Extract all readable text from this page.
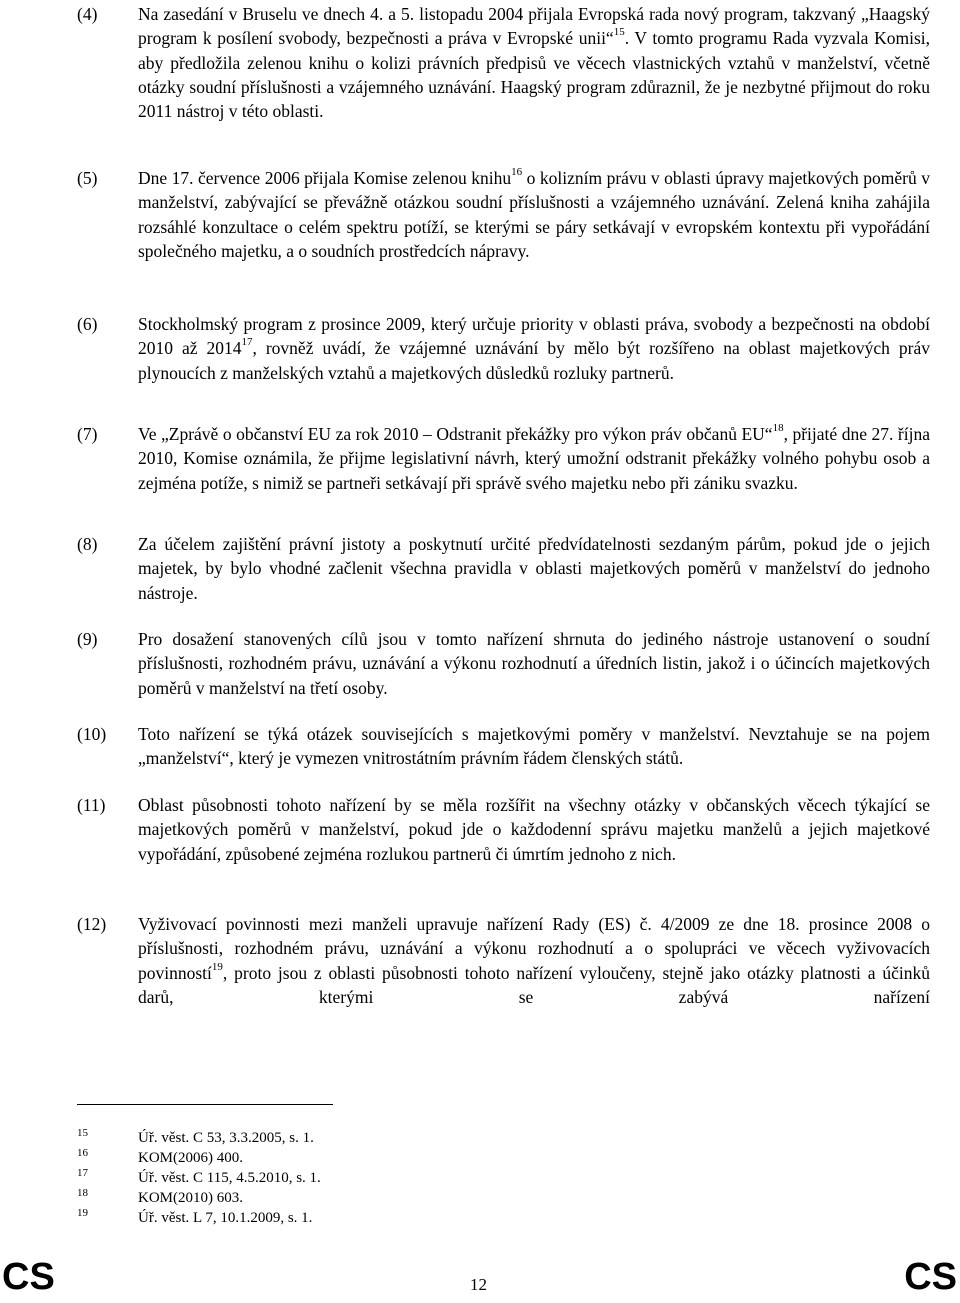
(4) Na zasedání v Bruselu ve dnech 4. a 5. listopadu 2004 přijala Evropská rada nový program, takzvaný „Haagský program k posílení svobody, bezpečnosti a práva v Evropské unii“$^{15}$. V tomto programu Rada vyzvala Komisi, aby předložila zelenou knihu o kolizi právních předpisů ve věcech vlastnických vztahů v manželství, včetně otázky soudní příslušnosti a vzájemného uznávání. Haagský program zdůraznil, že je nezbytné přijmout do roku 2011 nástroj v této oblasti.
(5) Dne 17. července 2006 přijala Komise zelenou knihu$^{16}$ o kolizním právu v oblasti úpravy majetkových poměrů v manželství, zabývající se převážně otázkou soudní příslušnosti a vzájemného uznávání. Zelená kniha zahájila rozsáhlé konzultace o celém spektru potíží, se kterými se páry setkávají v evropském kontextu při vypořádání společného majetku, a o soudních prostředcích nápravy.
(6) Stockholmský program z prosince 2009, který určuje priority v oblasti práva, svobody a bezpečnosti na období 2010 až 2014$^{17}$, rovněž uvádí, že vzájemné uznávání by mělo být rozšířeno na oblast majetkových práv plynoucích z manželských vztahů a majetkových důsledků rozluky partnerů.
(7) Ve „Zprávě o občanství EU za rok 2010 – Odstranit překážky pro výkon práv občanů EU“$^{18}$, přijaté dne 27. října 2010, Komise oznámila, že přijme legislativní návrh, který umožní odstranit překážky volného pohybu osob a zejména potíže, s nimiž se partneři setkávají při správě svého majetku nebo při zániku svazku.
(8) Za účelem zajištění právní jistoty a poskytnutí určité předvídatelnosti sezdaným párům, pokud jde o jejich majetek, by bylo vhodné začlenit všechna pravidla v oblasti majetkových poměrů v manželství do jednoho nástroje.
(9) Pro dosažení stanovených cílů jsou v tomto nařízení shrnuta do jediného nástroje ustanovení o soudní příslušnosti, rozhodném právu, uznávání a výkonu rozhodnutí a úředních listin, jakož i o účincích majetkových poměrů v manželství na třetí osoby.
(10) Toto nařízení se týká otázek souvisejících s majetkovými poměry v manželství. Nevztahuje se na pojem „manželství“, který je vymezen vnitrostátním právním řádem členských států.
(11) Oblast působnosti tohoto nařízení by se měla rozšířit na všechny otázky v občanských věcech týkající se majetkových poměrů v manželství, pokud jde o každodenní správu majetku manželů a jejich majetkové vypořádání, způsobené zejména rozlukou partnerů či úmrtím jednoho z nich.
(12) Vyživovací povinnosti mezi manželi upravuje nařízení Rady (ES) č. 4/2009 ze dne 18. prosince 2008 o příslušnosti, rozhodném právu, uznávání a výkonu rozhodnutí a o spolupráci ve věcech vyživovacích povinností$^{19}$, proto jsou z oblasti působnosti tohoto nařízení vyloučeny, stejně jako otázky platnosti a účinků darů, kterými se zabývá nařízení
15	Úř. věst. C 53, 3.3.2005, s. 1.
16	KOM(2006) 400.
17	Úř. věst. C 115, 4.5.2010, s. 1.
18	KOM(2010) 603.
19	Úř. věst. L 7, 10.1.2009, s. 1.
CS	12	CS
